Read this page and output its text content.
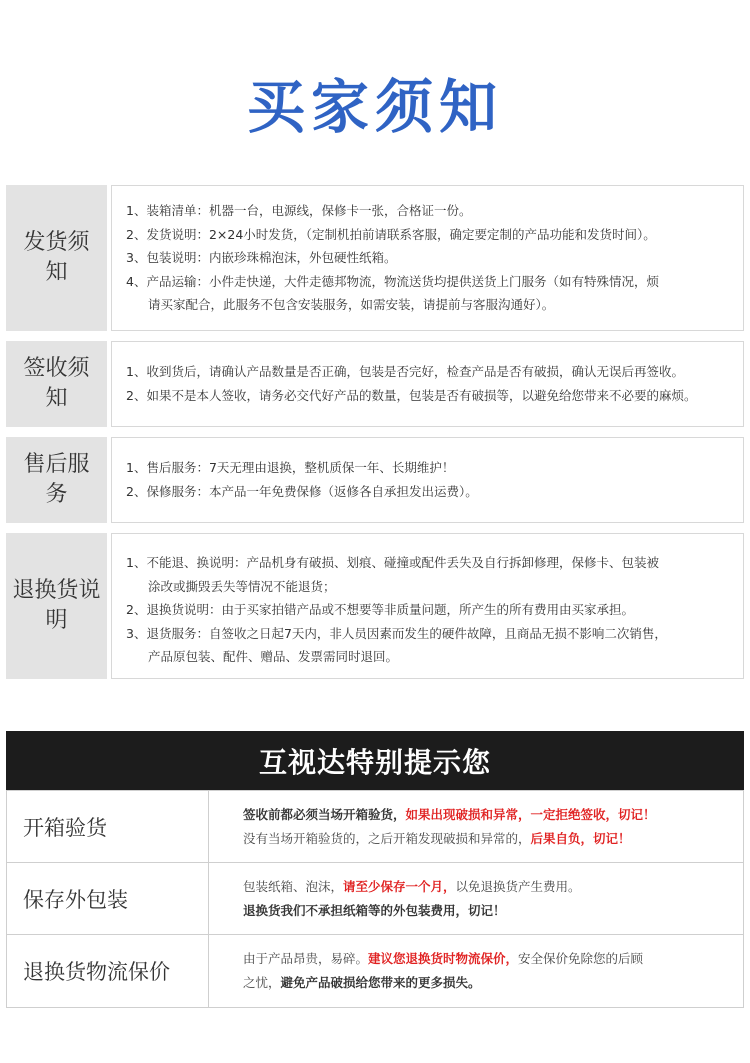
买家须知
发货须知
1、装箱清单：机器一台，电源线，保修卡一张，合格证一份。
2、发货说明：2×24小时发货，（定制机拍前请联系客服，确定要定制的产品功能和发货时间）。
3、包装说明：内嵌珍珠棉泡沫，外包硬性纸箱。
4、产品运输：小件走快递，大件走德邦物流，物流送货均提供送货上门服务（如有特殊情况，烦
请买家配合，此服务不包含安装服务，如需安装，请提前与客服沟通好）。
签收须知
1、收到货后，请确认产品数量是否正确，包装是否完好，检查产品是否有破损，确认无误后再签收。
2、如果不是本人签收，请务必交代好产品的数量，包装是否有破损等，以避免给您带来不必要的麻烦。
售后服务
1、售后服务：7天无理由退换，整机质保一年、长期维护！
2、保修服务：本产品一年免费保修（返修各自承担发出运费）。
退换货说明
1、不能退、换说明：产品机身有破损、划痕、碰撞或配件丢失及自行拆卸修理，保修卡、包装被
涂改或撕毁丢失等情况不能退货；
2、退换货说明：由于买家拍错产品或不想要等非质量问题，所产生的所有费用由买家承担。
3、退货服务：自签收之日起7天内，非人员因素而发生的硬件故障，且商品无损不影响二次销售，
产品原包装、配件、赠品、发票需同时退回。
互视达特别提示您
开箱验货
签收前都必须当场开箱验货，如果出现破损和异常，一定拒绝签收，切记！
没有当场开箱验货的，之后开箱发现破损和异常的，后果自负，切记！
保存外包装
包装纸箱、泡沫，请至少保存一个月，以免退换货产生费用。
退换货我们不承担纸箱等的外包装费用，切记！
退换货物流保价
由于产品昂贵，易碎。建议您退换货时物流保价，安全保价免除您的后顾
之忧，避免产品破损给您带来的更多损失。
